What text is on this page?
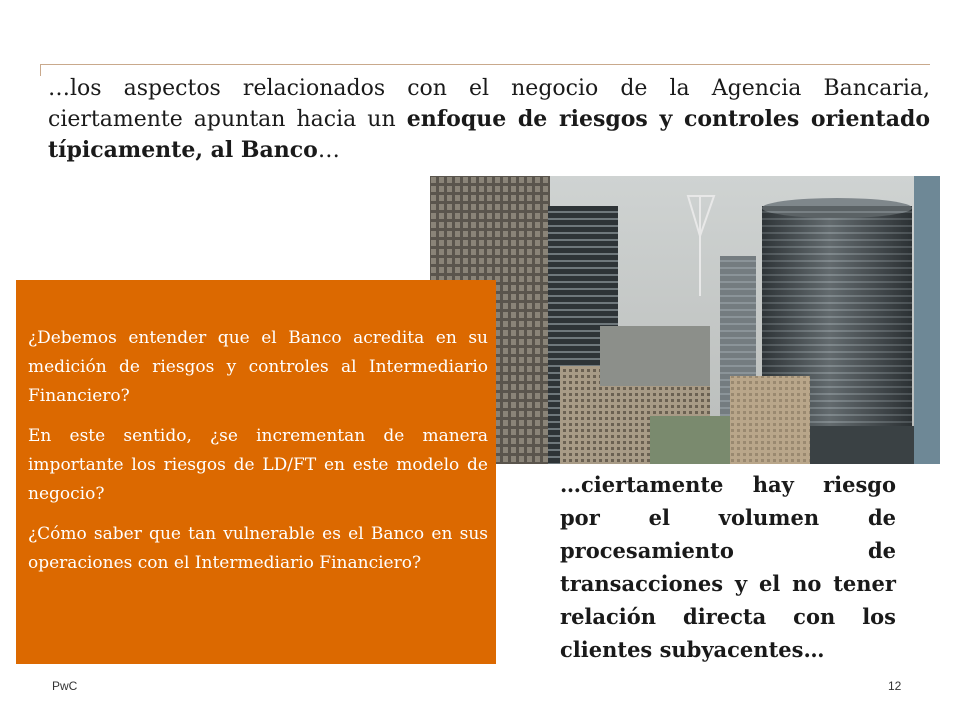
…los aspectos relacionados con el negocio de la Agencia Bancaria, ciertamente apuntan hacia un enfoque de riesgos y controles orientado típicamente, al Banco…

¿Debemos entender que el Banco acredita en su medición de riesgos y controles al Intermediario Financiero?

En este sentido, ¿se incrementan de manera importante los riesgos de LD/FT en este modelo de negocio?

¿Cómo saber que tan vulnerable es el Banco en sus operaciones con el Intermediario Financiero?

…ciertamente hay riesgo por el volumen de procesamiento de transacciones y el no tener relación directa con los clientes subyacentes…

PwC	12
